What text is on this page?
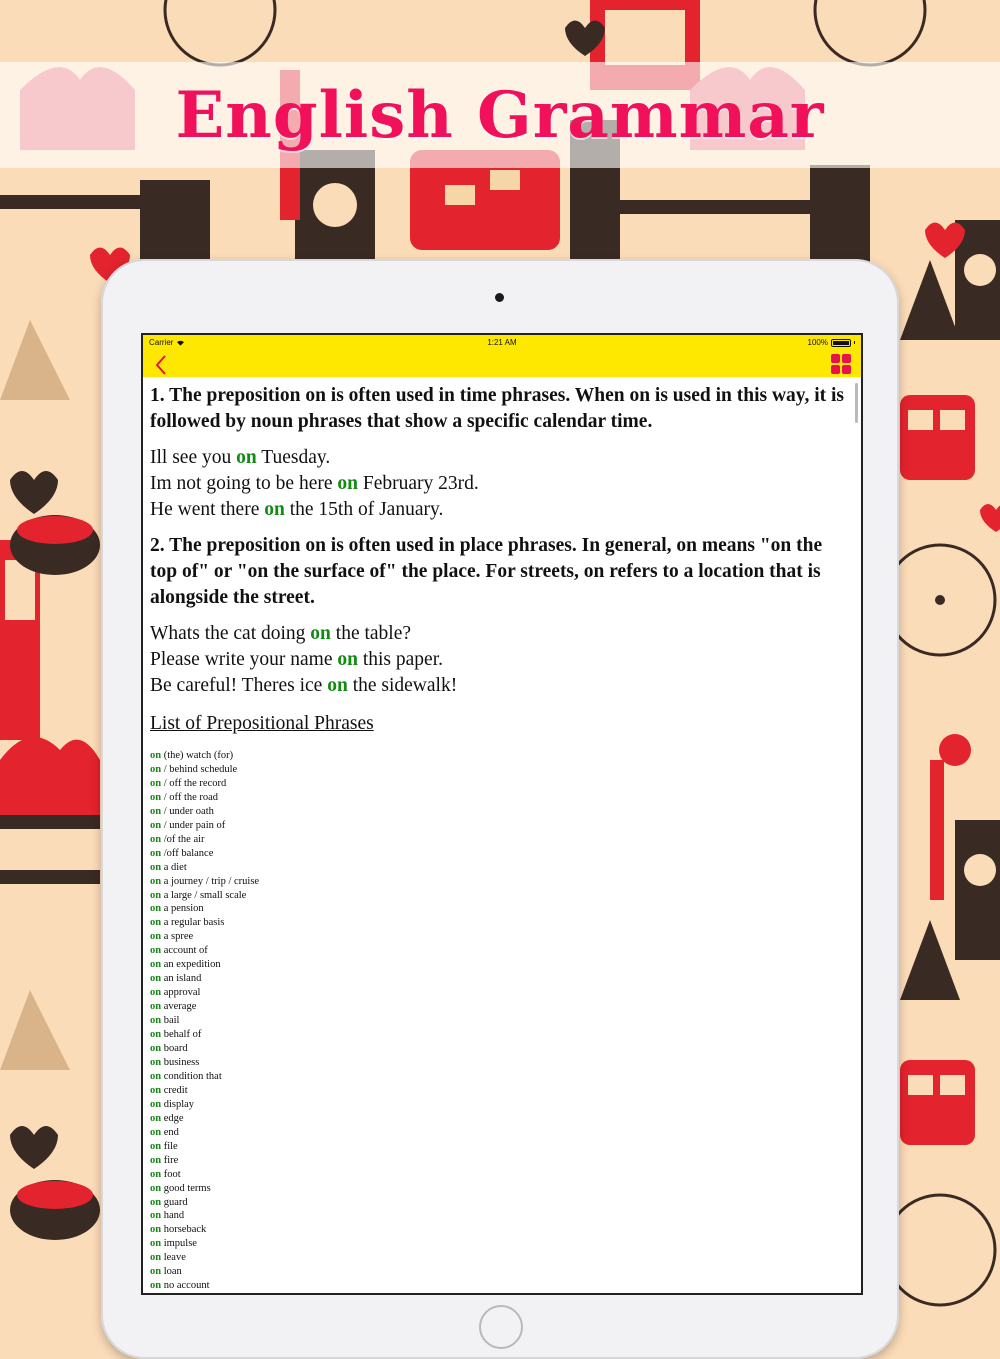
English Grammar
Carrier	1:21 AM	100%
1. The preposition on is often used in time phrases. When on is used in this way, it is followed by noun phrases that show a specific calendar time.
Ill see you on Tuesday.
Im not going to be here on February 23rd.
He went there on the 15th of January.
2. The preposition on is often used in place phrases. In general, on means "on the top of" or "on the surface of" the place. For streets, on refers to a location that is alongside the street.
Whats the cat doing on the table?
Please write your name on this paper.
Be careful! Theres ice on the sidewalk!
List of Prepositional Phrases
on (the) watch (for)
on / behind schedule
on / off the record
on / off the road
on / under oath
on / under pain of
on /of the air
on /off balance
on a diet
on a journey / trip / cruise
on a large / small scale
on a pension
on a regular basis
on a spree
on account of
on an expedition
on an island
on approval
on average
on bail
on behalf of
on board
on business
on condition that
on credit
on display
on edge
on end
on file
on fire
on foot
on good terms
on guard
on hand
on horseback
on impulse
on leave
on loan
on no account
